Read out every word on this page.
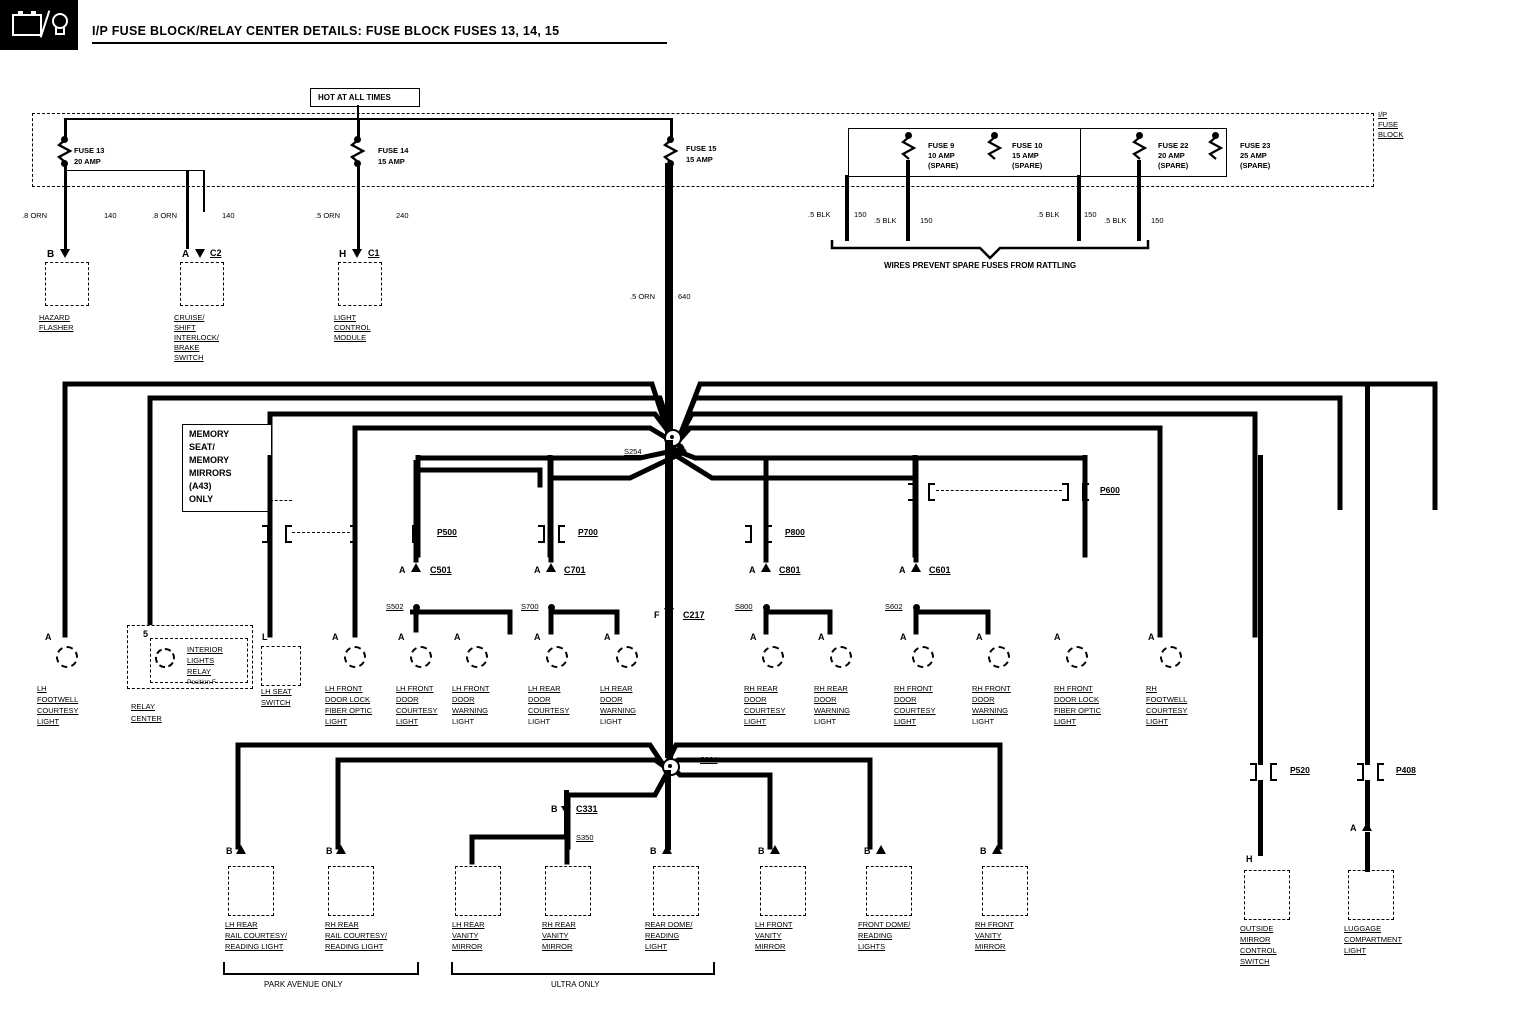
I/P FUSE BLOCK/RELAY CENTER DETAILS: FUSE BLOCK FUSES 13, 14, 15
I/P
FUSE
BLOCK
HOT AT ALL TIMES
FUSE 13
20 AMP
.8 ORN	140
FUSE 14
15 AMP
.5 ORN	240
.8 ORN	140
FUSE 15
15 AMP
.5 ORN	640
FUSE 9
10 AMP
(SPARE)
FUSE 10
15 AMP
(SPARE)
FUSE 22
20 AMP
(SPARE)
FUSE 23
25 AMP
(SPARE)
.5 BLK	150
.5 BLK	150
.5 BLK	150
.5 BLK	150
WIRES PREVENT SPARE FUSES FROM RATTLING
B
HAZARD
FLASHER
A C2
CRUISE/
SHIFT
INTERLOCK/
BRAKE
SWITCH
H C1
LIGHT
CONTROL
MODULE
S254
MEMORY
SEAT/
MEMORY
MIRRORS
(A43)
ONLY
P500	P700	P800
P600
A	C501
S502
A	C701
S700
A	C801
S800
A	C601
S602
F	C217
5
INTERIOR
LIGHTS
RELAY
Position F
RELAY
CENTER
A
LH
FOOTWELL
COURTESY
LIGHT
L
LH SEAT
SWITCH
A
LH FRONT
DOOR LOCK
FIBER OPTIC
LIGHT
A
LH FRONT
DOOR
COURTESY
LIGHT
A
LH FRONT
DOOR
WARNING
LIGHT
A
LH REAR
DOOR
COURTESY
LIGHT
A
LH REAR
DOOR
WARNING
LIGHT
A
RH REAR
DOOR
COURTESY
LIGHT
A
RH REAR
DOOR
WARNING
LIGHT
A
RH FRONT
DOOR
COURTESY
LIGHT
A
RH FRONT
DOOR
WARNING
LIGHT
A
RH FRONT
DOOR LOCK
FIBER OPTIC
LIGHT
A
RH
FOOTWELL
COURTESY
LIGHT
S334
B C331
S350
B
LH REAR
RAIL COURTESY/
READING LIGHT
B
RH REAR
RAIL COURTESY/
READING LIGHT
LH REAR
VANITY
MIRROR
RH REAR
VANITY
MIRROR
B
REAR DOME/
READING
LIGHT
B
LH FRONT
VANITY
MIRROR
B
FRONT DOME/
READING
LIGHTS
B
RH FRONT
VANITY
MIRROR
P520
H
OUTSIDE
MIRROR
CONTROL
SWITCH
P408
A
LUGGAGE
COMPARTMENT
LIGHT
PARK AVENUE ONLY	ULTRA ONLY
